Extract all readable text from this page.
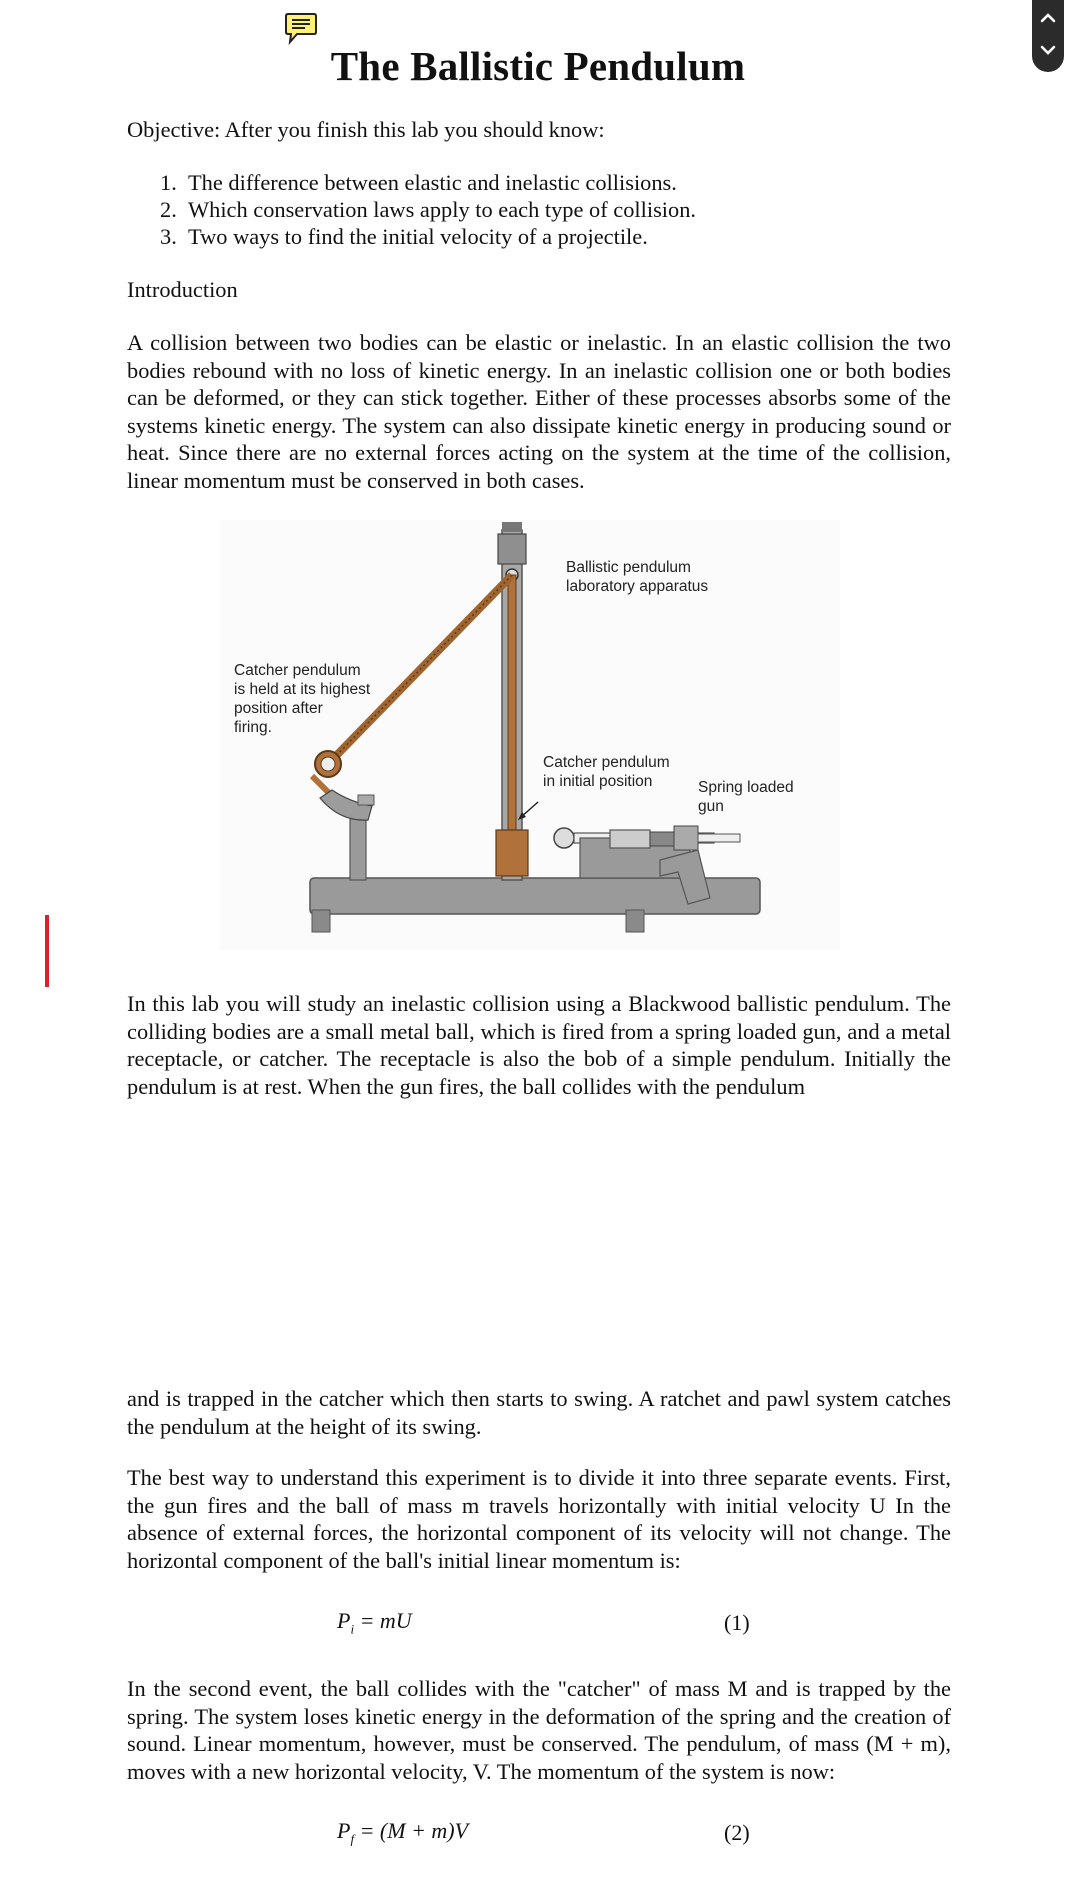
The Ballistic Pendulum
Objective: After you finish this lab you should know:
1.  The difference between elastic and inelastic collisions.
2.  Which conservation laws apply to each type of collision.
3.  Two ways to find the initial velocity of a projectile.
Introduction

A collision between two bodies can be elastic or inelastic. In an elastic collision the two bodies rebound with no loss of kinetic energy. In an inelastic collision one or both bodies can be deformed, or they can stick together. Either of these processes absorbs some of the systems kinetic energy. The system can also dissipate kinetic energy in producing sound or heat. Since there are no external forces acting on the system at the time of the collision, linear momentum must be conserved in both cases.

Ballistic pendulum
laboratory apparatus
Catcher pendulum
is held at its highest
position after
firing.
Catcher pendulum
in initial position	Spring loaded
gun

In this lab you will study an inelastic collision using a Blackwood ballistic pendulum. The colliding bodies are a small metal ball, which is fired from a spring loaded gun, and a metal receptacle, or catcher. The receptacle is also the bob of a simple pendulum. Initially the pendulum is at rest. When the gun fires, the ball collides with the pendulum

and is trapped in the catcher which then starts to swing. A ratchet and pawl system catches the pendulum at the height of its swing.

The best way to understand this experiment is to divide it into three separate events. First, the gun fires and the ball of mass m travels horizontally with initial velocity U In the absence of external forces, the horizontal component of its velocity will not change. The horizontal component of the ball's initial linear momentum is:

$P_i$ = mU	(1)

In the second event, the ball collides with the "catcher" of mass M and is trapped by the spring. The system loses kinetic energy in the deformation of the spring and the creation of sound. Linear momentum, however, must be conserved. The pendulum, of mass (M + m), moves with a new horizontal velocity, V. The momentum of the system is now:

$P_f = (M + m)V$	(2)
